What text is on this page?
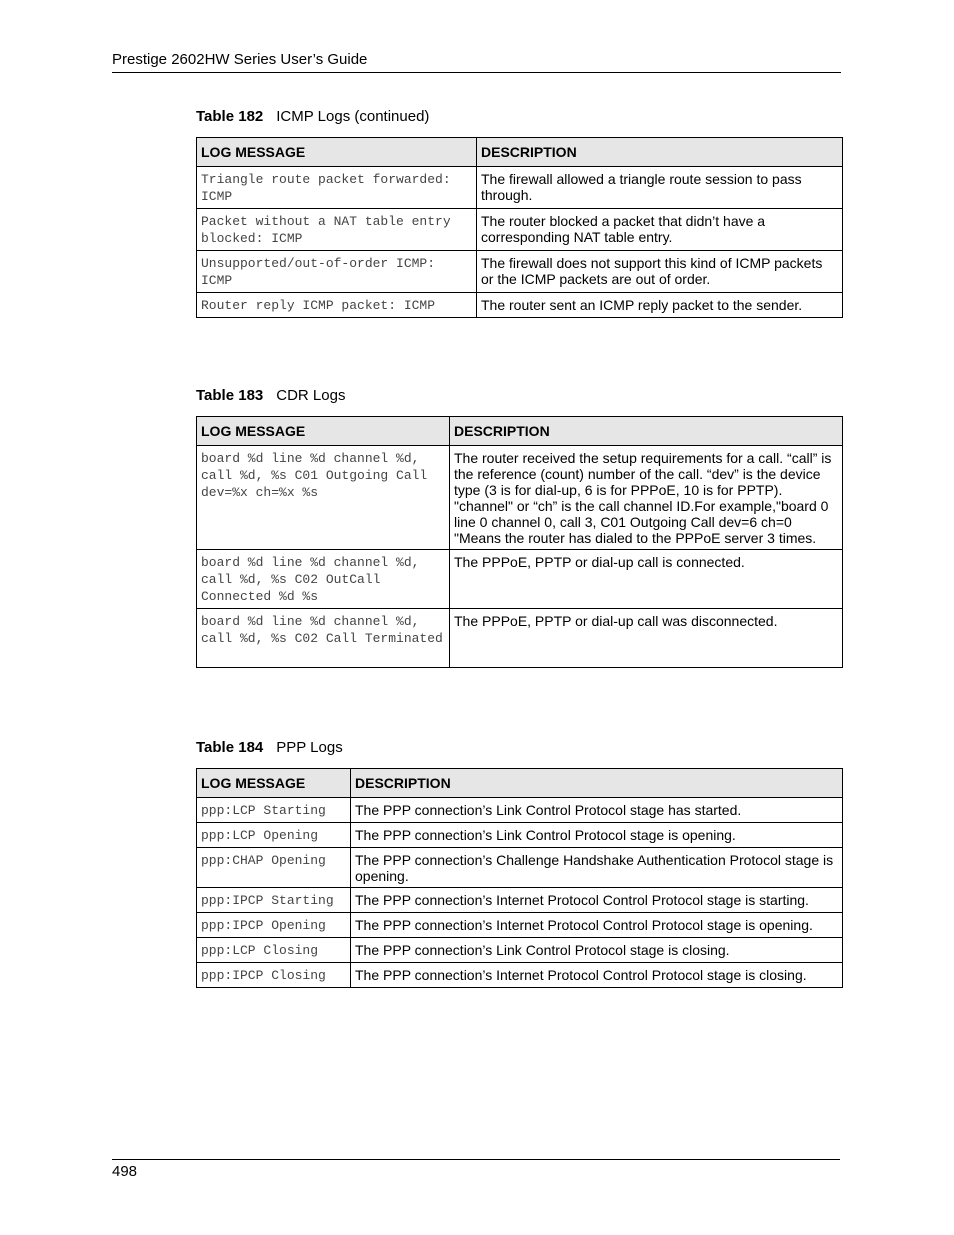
Prestige 2602HW Series User’s Guide
Table 182 ICMP Logs (continued)
LOG MESSAGE	DESCRIPTION
Triangle route packet forwarded: ICMP	The firewall allowed a triangle route session to pass through.
Packet without a NAT table entry blocked: ICMP	The router blocked a packet that didn’t have a corresponding NAT table entry.
Unsupported/out-of-order ICMP: ICMP	The firewall does not support this kind of ICMP packets or the ICMP packets are out of order.
Router reply ICMP packet: ICMP	The router sent an ICMP reply packet to the sender.
Table 183 CDR Logs
LOG MESSAGE	DESCRIPTION
board %d line %d channel %d, call %d, %s C01 Outgoing Call dev=%x ch=%x %s	The router received the setup requirements for a call. “call” is the reference (count) number of the call. “dev” is the device type (3 is for dial-up, 6 is for PPPoE, 10 is for PPTP). "channel" or “ch” is the call channel ID.For example,"board 0 line 0 channel 0, call 3, C01 Outgoing Call dev=6 ch=0 "Means the router has dialed to the PPPoE server 3 times.
board %d line %d channel %d, call %d, %s C02 OutCall Connected %d %s	The PPPoE, PPTP or dial-up call is connected.
board %d line %d channel %d, call %d, %s C02 Call Terminated	The PPPoE, PPTP or dial-up call was disconnected.
Table 184 PPP Logs
LOG MESSAGE	DESCRIPTION
ppp:LCP Starting	The PPP connection’s Link Control Protocol stage has started.
ppp:LCP Opening	The PPP connection’s Link Control Protocol stage is opening.
ppp:CHAP Opening	The PPP connection’s Challenge Handshake Authentication Protocol stage is opening.
ppp:IPCP Starting	The PPP connection’s Internet Protocol Control Protocol stage is starting.
ppp:IPCP Opening	The PPP connection’s Internet Protocol Control Protocol stage is opening.
ppp:LCP Closing	The PPP connection’s Link Control Protocol stage is closing.
ppp:IPCP Closing	The PPP connection’s Internet Protocol Control Protocol stage is closing.
498
